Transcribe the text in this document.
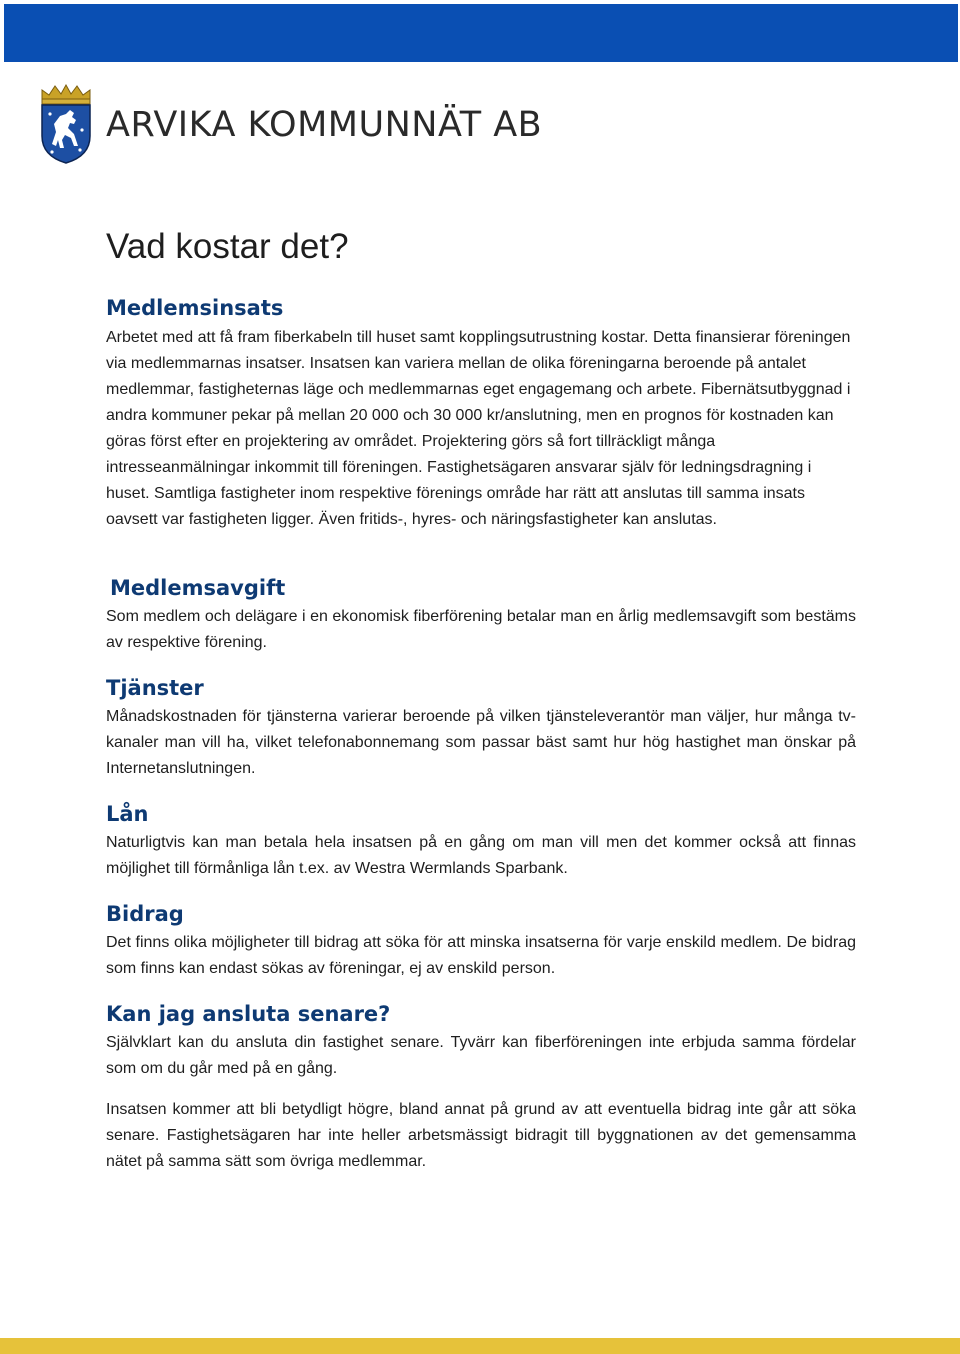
ARVIKA KOMMUNNÄT AB
Vad kostar det?
Medlemsinsats

Arbetet med att få fram fiberkabeln till huset samt kopplingsutrustning kostar. Detta finansierar föreningen via medlemmarnas insatser. Insatsen kan variera mellan de olika föreningarna beroende på antalet medlemmar, fastigheternas läge och medlemmarnas eget engagemang och arbete. Fibernätsutbyggnad i andra kommuner pekar på mellan 20 000 och 30 000 kr/anslutning, men en prognos för kostnaden kan göras först efter en projektering av området. Projektering görs så fort tillräckligt många intresseanmälningar inkommit till föreningen. Fastighetsägaren ansvarar själv för ledningsdragning i huset. Samtliga fastigheter inom respektive förenings område har rätt att anslutas till samma insats oavsett var fastigheten ligger. Även fritids-, hyres- och näringsfastigheter kan anslutas.

Medlemsavgift

Som medlem och delägare i en ekonomisk fiberförening betalar man en årlig medlemsavgift som bestäms av respektive förening.

Tjänster

Månadskostnaden för tjänsterna varierar beroende på vilken tjänsteleverantör man väljer, hur många tv-kanaler man vill ha, vilket telefonabonnemang som passar bäst samt hur hög hastighet man önskar på Internetanslutningen.

Lån

Naturligtvis kan man betala hela insatsen på en gång om man vill men det kommer också att finnas möjlighet till förmånliga lån t.ex. av Westra Wermlands Sparbank.

Bidrag

Det finns olika möjligheter till bidrag att söka för att minska insatserna för varje enskild medlem. De bidrag som finns kan endast sökas av föreningar, ej av enskild person.

Kan jag ansluta senare?

Självklart kan du ansluta din fastighet senare. Tyvärr kan fiberföreningen inte erbjuda samma fördelar som om du går med på en gång.

Insatsen kommer att bli betydligt högre, bland annat på grund av att eventuella bidrag inte går att söka senare. Fastighetsägaren har inte heller arbetsmässigt bidragit till byggnationen av det gemensamma nätet på samma sätt som övriga medlemmar.
